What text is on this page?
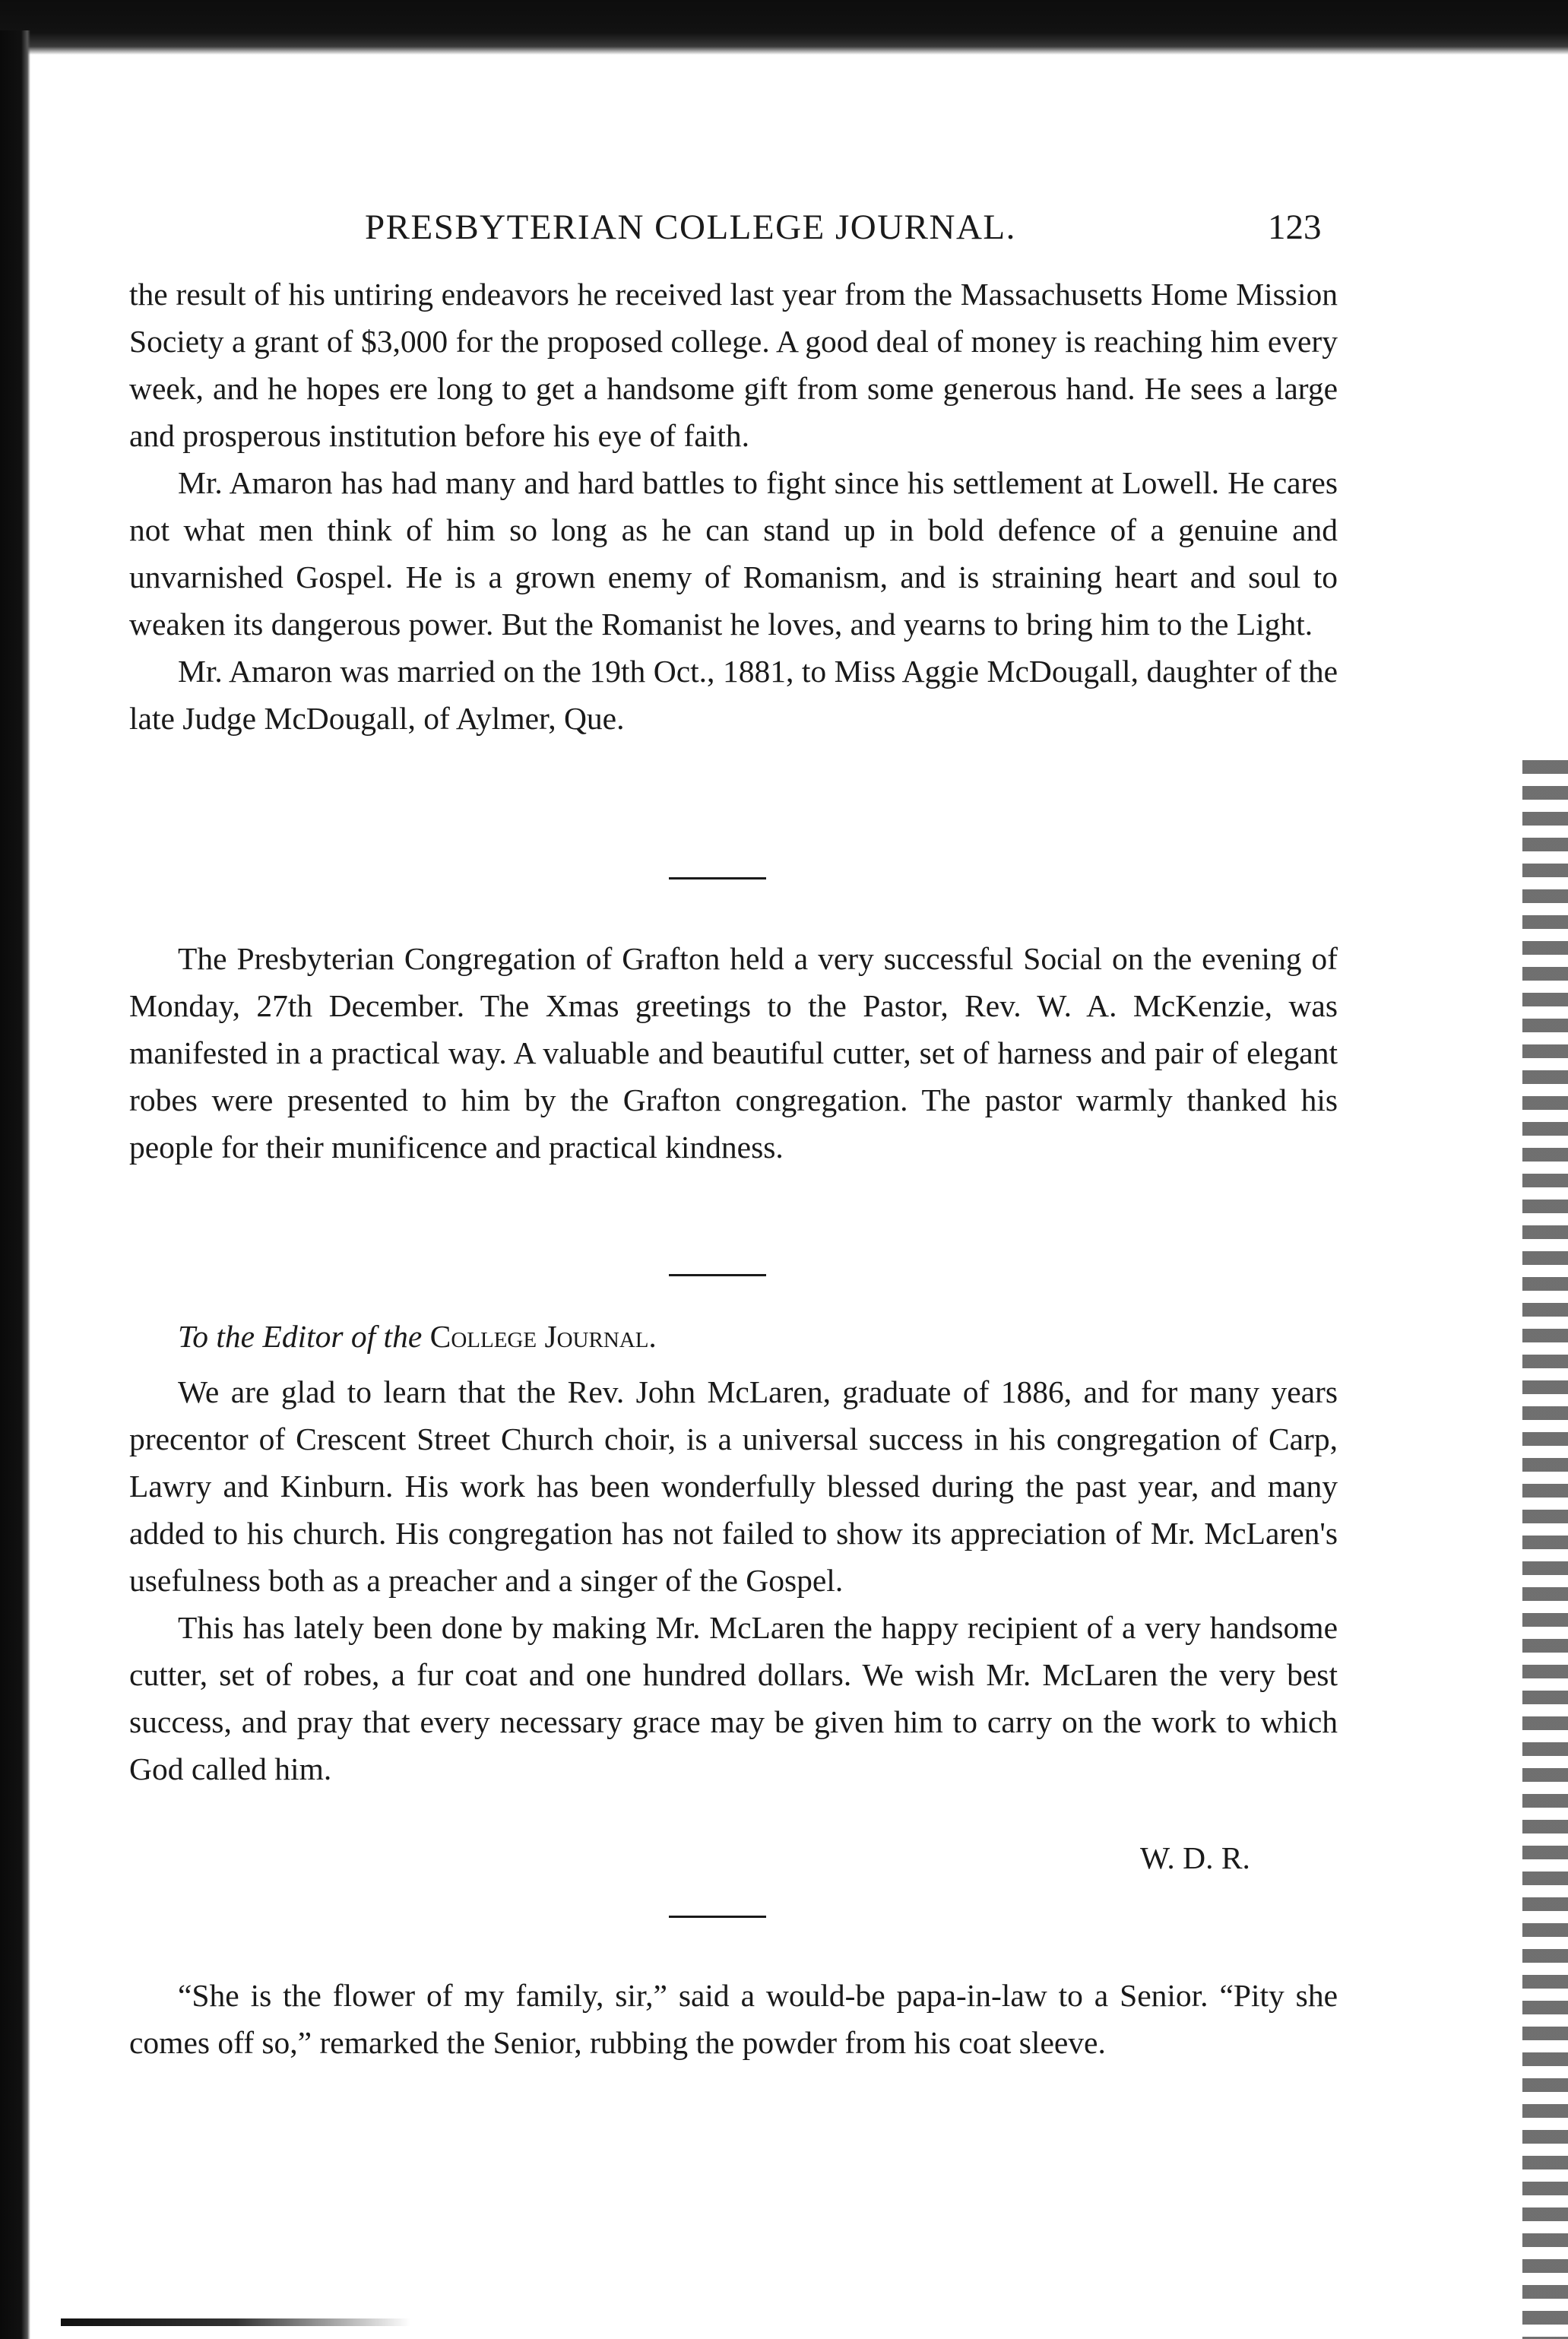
PRESBYTERIAN COLLEGE JOURNAL.	123

the result of his untiring endeavors he received last year from the Massachusetts Home Mission Society a grant of $3,000 for the proposed college. A good deal of money is reaching him every week, and he hopes ere long to get a handsome gift from some generous hand. He sees a large and prosperous institution before his eye of faith.

Mr. Amaron has had many and hard battles to fight since his settlement at Lowell. He cares not what men think of him so long as he can stand up in bold defence of a genuine and unvarnished Gospel. He is a grown enemy of Romanism, and is straining heart and soul to weaken its dangerous power. But the Romanist he loves, and yearns to bring him to the Light.

Mr. Amaron was married on the 19th Oct., 1881, to Miss Aggie McDougall, daughter of the late Judge McDougall, of Aylmer, Que.

The Presbyterian Congregation of Grafton held a very successful Social on the evening of Monday, 27th December. The Xmas greetings to the Pastor, Rev. W. A. McKenzie, was manifested in a practical way. A valuable and beautiful cutter, set of harness and pair of elegant robes were presented to him by the Grafton congregation. The pastor warmly thanked his people for their munificence and practical kindness.

To the Editor of the College Journal.

We are glad to learn that the Rev. John McLaren, graduate of 1886, and for many years precentor of Crescent Street Church choir, is a universal success in his congregation of Carp, Lawry and Kinburn. His work has been wonderfully blessed during the past year, and many added to his church. His congregation has not failed to show its appreciation of Mr. McLaren's usefulness both as a preacher and a singer of the Gospel.

This has lately been done by making Mr. McLaren the happy recipient of a very handsome cutter, set of robes, a fur coat and one hundred dollars. We wish Mr. McLaren the very best success, and pray that every necessary grace may be given him to carry on the work to which God called him.

W. D. R.

“She is the flower of my family, sir,” said a would-be papa-in-law to a Senior. “Pity she comes off so,” remarked the Senior, rubbing the powder from his coat sleeve.
